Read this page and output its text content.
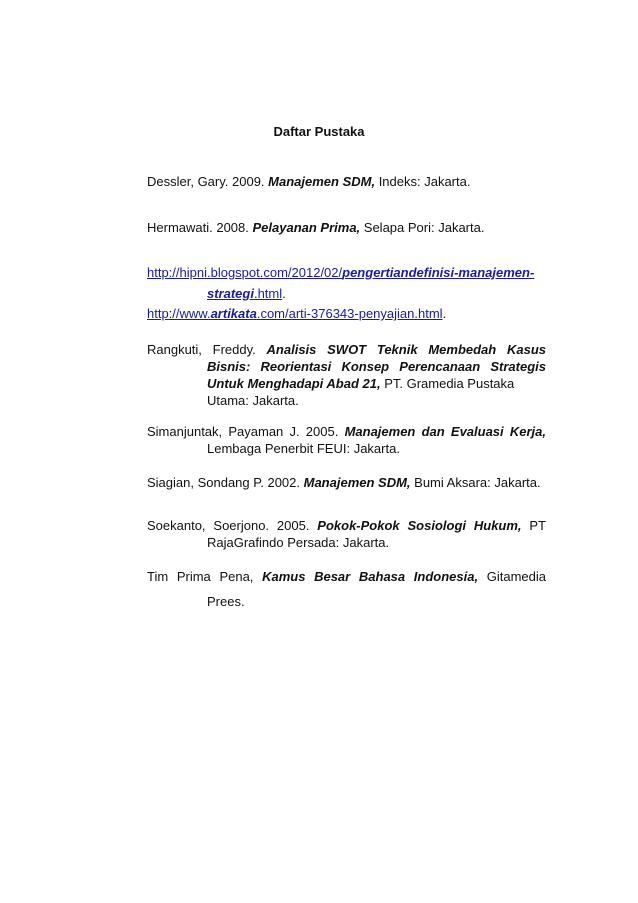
Daftar Pustaka
Dessler, Gary. 2009. Manajemen SDM, Indeks: Jakarta.
Hermawati. 2008. Pelayanan Prima, Selapa Pori: Jakarta.
http://hipni.blogspot.com/2012/02/pengertiandefinisi-manajemen-
strategi.html.
http://www.artikata.com/arti-376343-penyajian.html.
Rangkuti, Freddy. Analisis SWOT Teknik Membedah Kasus
Bisnis: Reorientasi Konsep Perencanaan Strategis
Untuk Menghadapi Abad 21, PT. Gramedia Pustaka
Utama: Jakarta.
Simanjuntak, Payaman J. 2005. Manajemen dan Evaluasi Kerja,
Lembaga Penerbit FEUI: Jakarta.
Siagian, Sondang P. 2002. Manajemen SDM, Bumi Aksara: Jakarta.
Soekanto, Soerjono. 2005. Pokok-Pokok Sosiologi Hukum, PT
RajaGrafindo Persada: Jakarta.
Tim Prima Pena, Kamus Besar Bahasa Indonesia, Gitamedia
Prees.
